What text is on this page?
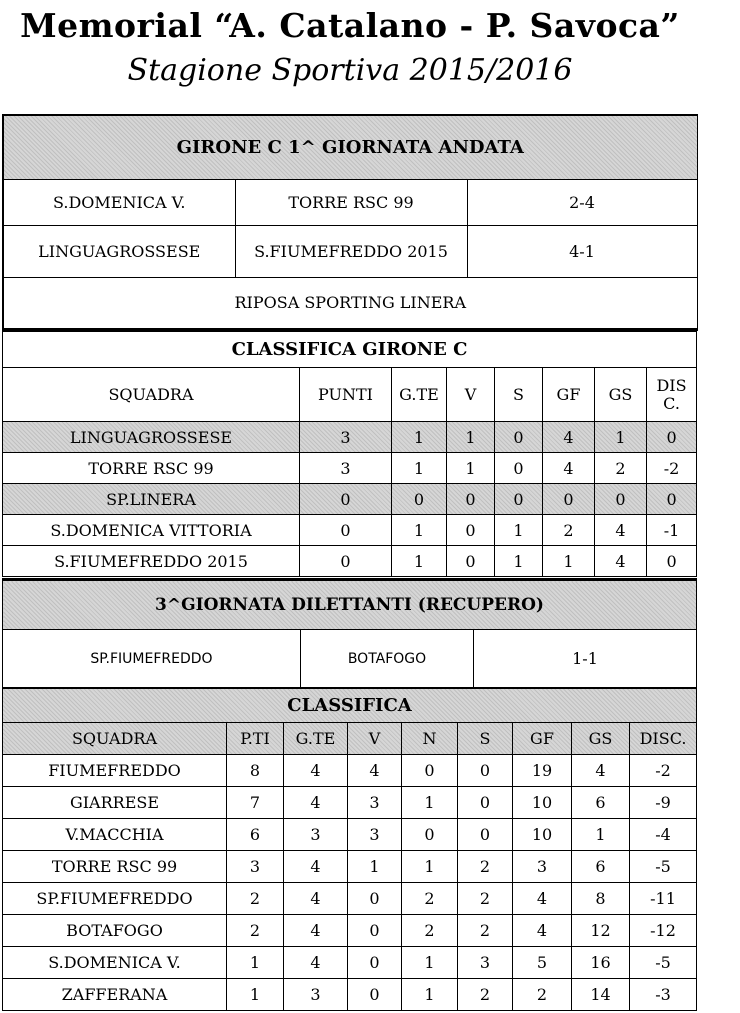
Memorial “A. Catalano - P. Savoca”
Stagione Sportiva 2015/2016
GIRONE C 1^ GIORNATA ANDATA		
S.DOMENICA V.	TORRE RSC 99	2-4
LINGUAGROSSESE	S.FIUMEFREDDO 2015	4-1
RIPOSA SPORTING LINERA		
CLASSIFICA GIRONE C							
SQUADRA	PUNTI	G.TE	V	S	GF	GS	DIS C.
LINGUAGROSSESE	3	1	1	0	4	1	0
TORRE RSC 99	3	1	1	0	4	2	-2
SP.LINERA	0	0	0	0	0	0	0
S.DOMENICA VITTORIA	0	1	0	1	2	4	-1
S.FIUMEFREDDO 2015	0	1	0	1	1	4	0
3^GIORNATA DILETTANTI (RECUPERO)
SP.FIUMEFREDDO	BOTAFOGO	1-1
CLASSIFICA								
SQUADRA	P.TI	G.TE	V	N	S	GF	GS	DISC.
FIUMEFREDDO	8	4	4	0	0	19	4	-2
GIARRESE	7	4	3	1	0	10	6	-9
V.MACCHIA	6	3	3	0	0	10	1	-4
TORRE RSC 99	3	4	1	1	2	3	6	-5
SP.FIUMEFREDDO	2	4	0	2	2	4	8	-11
BOTAFOGO	2	4	0	2	2	4	12	-12
S.DOMENICA V.	1	4	0	1	3	5	16	-5
ZAFFERANA	1	3	0	1	2	2	14	-3
